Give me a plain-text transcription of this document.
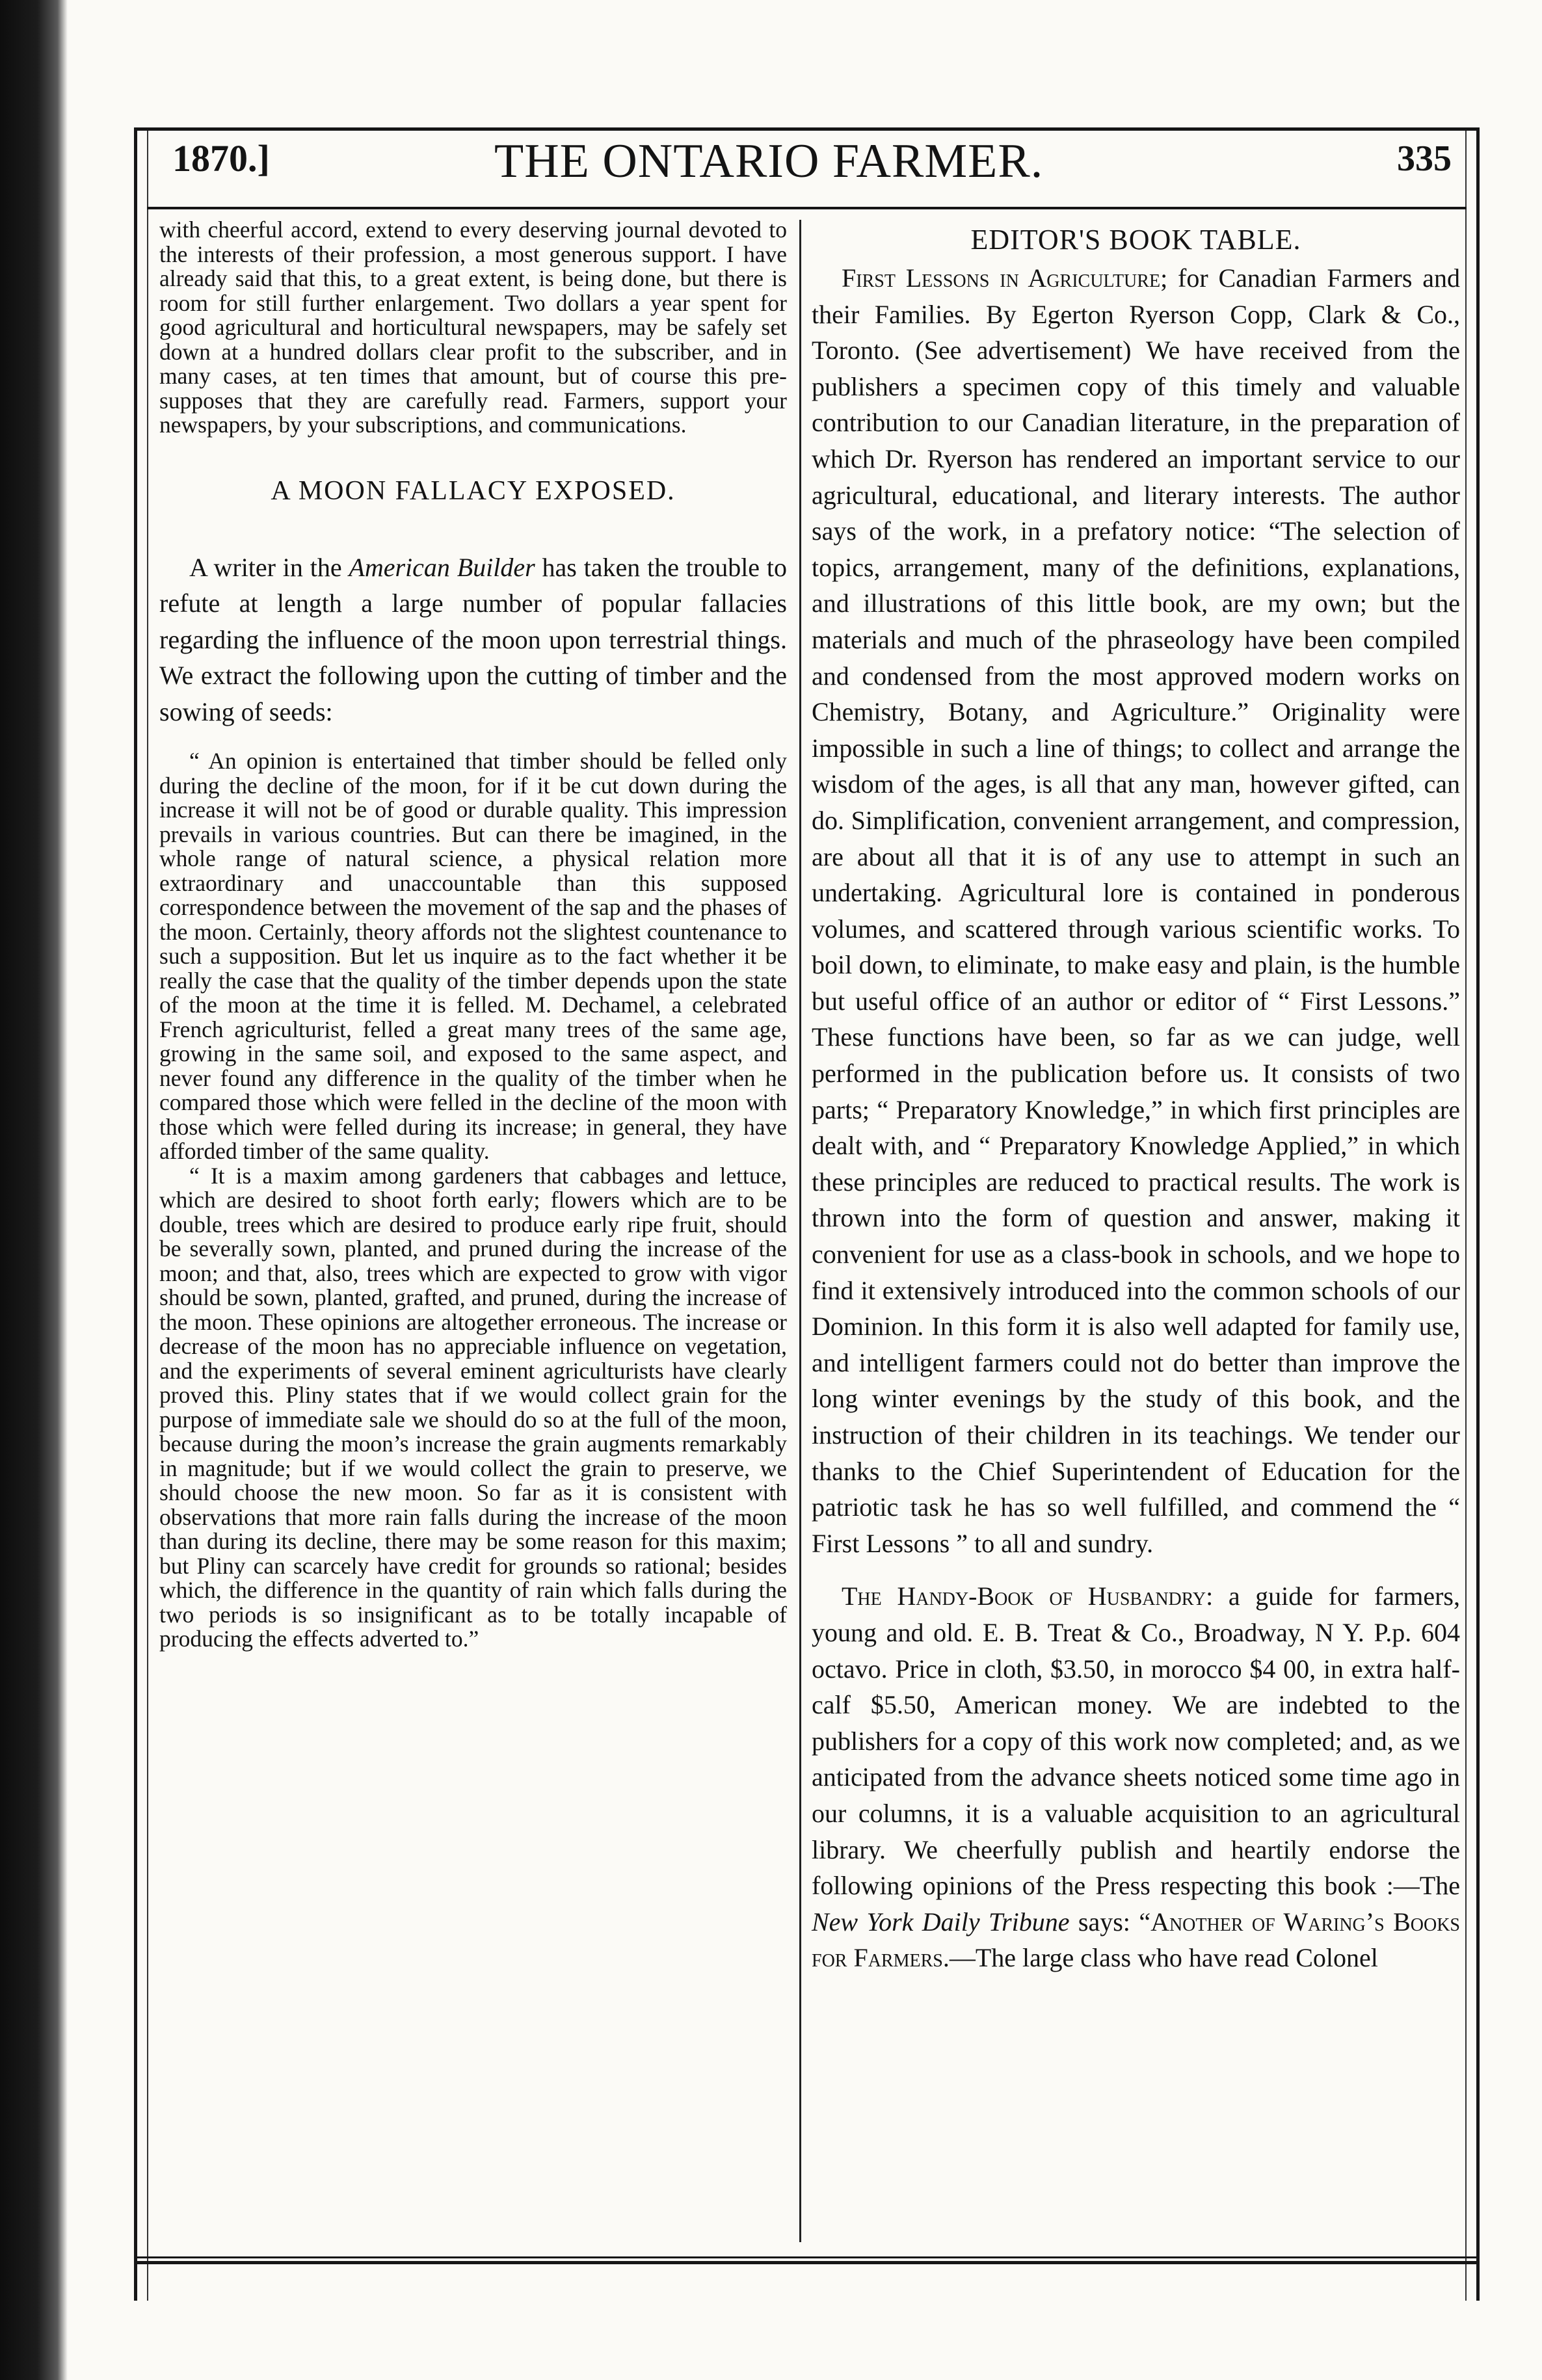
1870.]	THE ONTARIO FARMER.	335

with cheerful accord, extend to every deserving journal devoted to the interests of their profession, a most generous support. I have already said that this, to a great extent, is being done, but there is room for still further enlargement. Two dollars a year spent for good agricultural and horticultural newspapers, may be safely set down at a hundred dollars clear profit to the subscriber, and in many cases, at ten times that amount, but of course this pre-supposes that they are carefully read. Farmers, support your newspapers, by your subscriptions, and communications.

A MOON FALLACY EXPOSED.

A writer in the American Builder has taken the trouble to refute at length a large number of popular fallacies regarding the influence of the moon upon terrestrial things. We extract the following upon the cutting of timber and the sowing of seeds:

“ An opinion is entertained that timber should be felled only during the decline of the moon, for if it be cut down during the increase it will not be of good or durable quality. This impression prevails in various countries. But can there be imagined, in the whole range of natural science, a physical relation more extraordinary and unaccountable than this supposed correspondence between the movement of the sap and the phases of the moon. Certainly, theory affords not the slightest countenance to such a supposition. But let us inquire as to the fact whether it be really the case that the quality of the timber depends upon the state of the moon at the time it is felled. M. Dechamel, a celebrated French agriculturist, felled a great many trees of the same age, growing in the same soil, and exposed to the same aspect, and never found any difference in the quality of the timber when he compared those which were felled in the decline of the moon with those which were felled during its increase; in general, they have afforded timber of the same quality.

“ It is a maxim among gardeners that cabbages and lettuce, which are desired to shoot forth early; flowers which are to be double, trees which are desired to produce early ripe fruit, should be severally sown, planted, and pruned during the increase of the moon; and that, also, trees which are expected to grow with vigor should be sown, planted, grafted, and pruned, during the increase of the moon. These opinions are altogether erroneous. The increase or decrease of the moon has no appreciable influence on vegetation, and the experiments of several eminent agriculturists have clearly proved this. Pliny states that if we would collect grain for the purpose of immediate sale we should do so at the full of the moon, because during the moon’s increase the grain augments remarkably in magnitude; but if we would collect the grain to preserve, we should choose the new moon. So far as it is consistent with observations that more rain falls during the increase of the moon than during its decline, there may be some reason for this maxim; but Pliny can scarcely have credit for grounds so rational; besides which, the difference in the quantity of rain which falls during the two periods is so insignificant as to be totally incapable of producing the effects adverted to.”

EDITOR'S BOOK TABLE.

First Lessons in Agriculture; for Canadian Farmers and their Families. By Egerton Ryerson Copp, Clark & Co., Toronto. (See advertisement) We have received from the publishers a specimen copy of this timely and valuable contribution to our Canadian literature, in the preparation of which Dr. Ryerson has rendered an important service to our agricultural, educational, and literary interests. The author says of the work, in a prefatory notice: “The selection of topics, arrangement, many of the definitions, explanations, and illustrations of this little book, are my own; but the materials and much of the phraseology have been compiled and condensed from the most approved modern works on Chemistry, Botany, and Agriculture.” Originality were impossible in such a line of things; to collect and arrange the wisdom of the ages, is all that any man, however gifted, can do. Simplification, convenient arrangement, and compression, are about all that it is of any use to attempt in such an undertaking. Agricultural lore is contained in ponderous volumes, and scattered through various scientific works. To boil down, to eliminate, to make easy and plain, is the humble but useful office of an author or editor of “ First Lessons.” These functions have been, so far as we can judge, well performed in the publication before us. It consists of two parts; “ Preparatory Knowledge,” in which first principles are dealt with, and “ Preparatory Knowledge Applied,” in which these principles are reduced to practical results. The work is thrown into the form of question and answer, making it convenient for use as a class-book in schools, and we hope to find it extensively introduced into the common schools of our Dominion. In this form it is also well adapted for family use, and intelligent farmers could not do better than improve the long winter evenings by the study of this book, and the instruction of their children in its teachings. We tender our thanks to the Chief Superintendent of Education for the patriotic task he has so well fulfilled, and commend the “ First Lessons ” to all and sundry.

The Handy-Book of Husbandry: a guide for farmers, young and old. E. B. Treat & Co., Broadway, N Y. P.p. 604 octavo. Price in cloth, $3.50, in morocco $4 00, in extra half-calf $5.50, American money. We are indebted to the publishers for a copy of this work now completed; and, as we anticipated from the advance sheets noticed some time ago in our columns, it is a valuable acquisition to an agricultural library. We cheerfully publish and heartily endorse the following opinions of the Press respecting this book :—The New York Daily Tribune says: “Another of Waring’s Books for Farmers.—The large class who have read Colonel
